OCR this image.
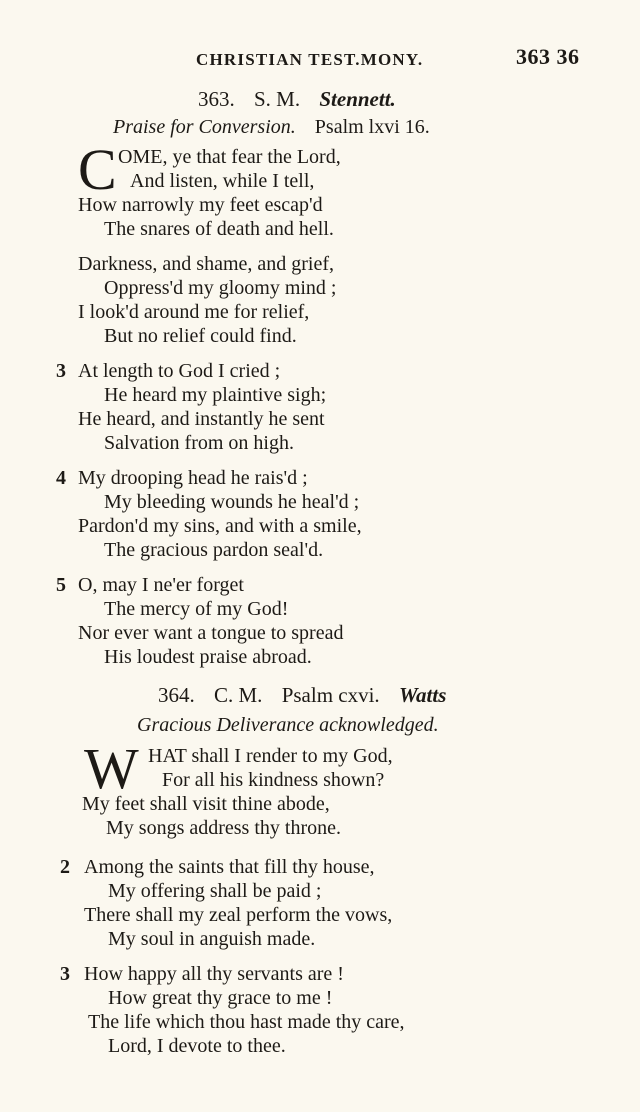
CHRISTIAN TEST.MONY.	363 36
363. S. M. Stennett.
Praise for Conversion. Psalm lxvi 16.
C OME, ye that fear the Lord,
And listen, while I tell,
How narrowly my feet escap'd
The snares of death and hell.
Darkness, and shame, and grief,
Oppress'd my gloomy mind ;
I look'd around me for relief,
But no relief could find.
3 At length to God I cried ;
He heard my plaintive sigh;
He heard, and instantly he sent
Salvation from on high.
4 My drooping head he rais'd ;
My bleeding wounds he heal'd ;
Pardon'd my sins, and with a smile,
The gracious pardon seal'd.
5 O, may I ne'er forget
The mercy of my God!
Nor ever want a tongue to spread
His loudest praise abroad.
364. C. M. Psalm cxvi. Watts
Gracious Deliverance acknowledged.
W HAT shall I render to my God,
For all his kindness shown?
My feet shall visit thine abode,
My songs address thy throne.
2 Among the saints that fill thy house,
My offering shall be paid ;
There shall my zeal perform the vows,
My soul in anguish made.
3 How happy all thy servants are !
How great thy grace to me !
The life which thou hast made thy care,
Lord, I devote to thee.
